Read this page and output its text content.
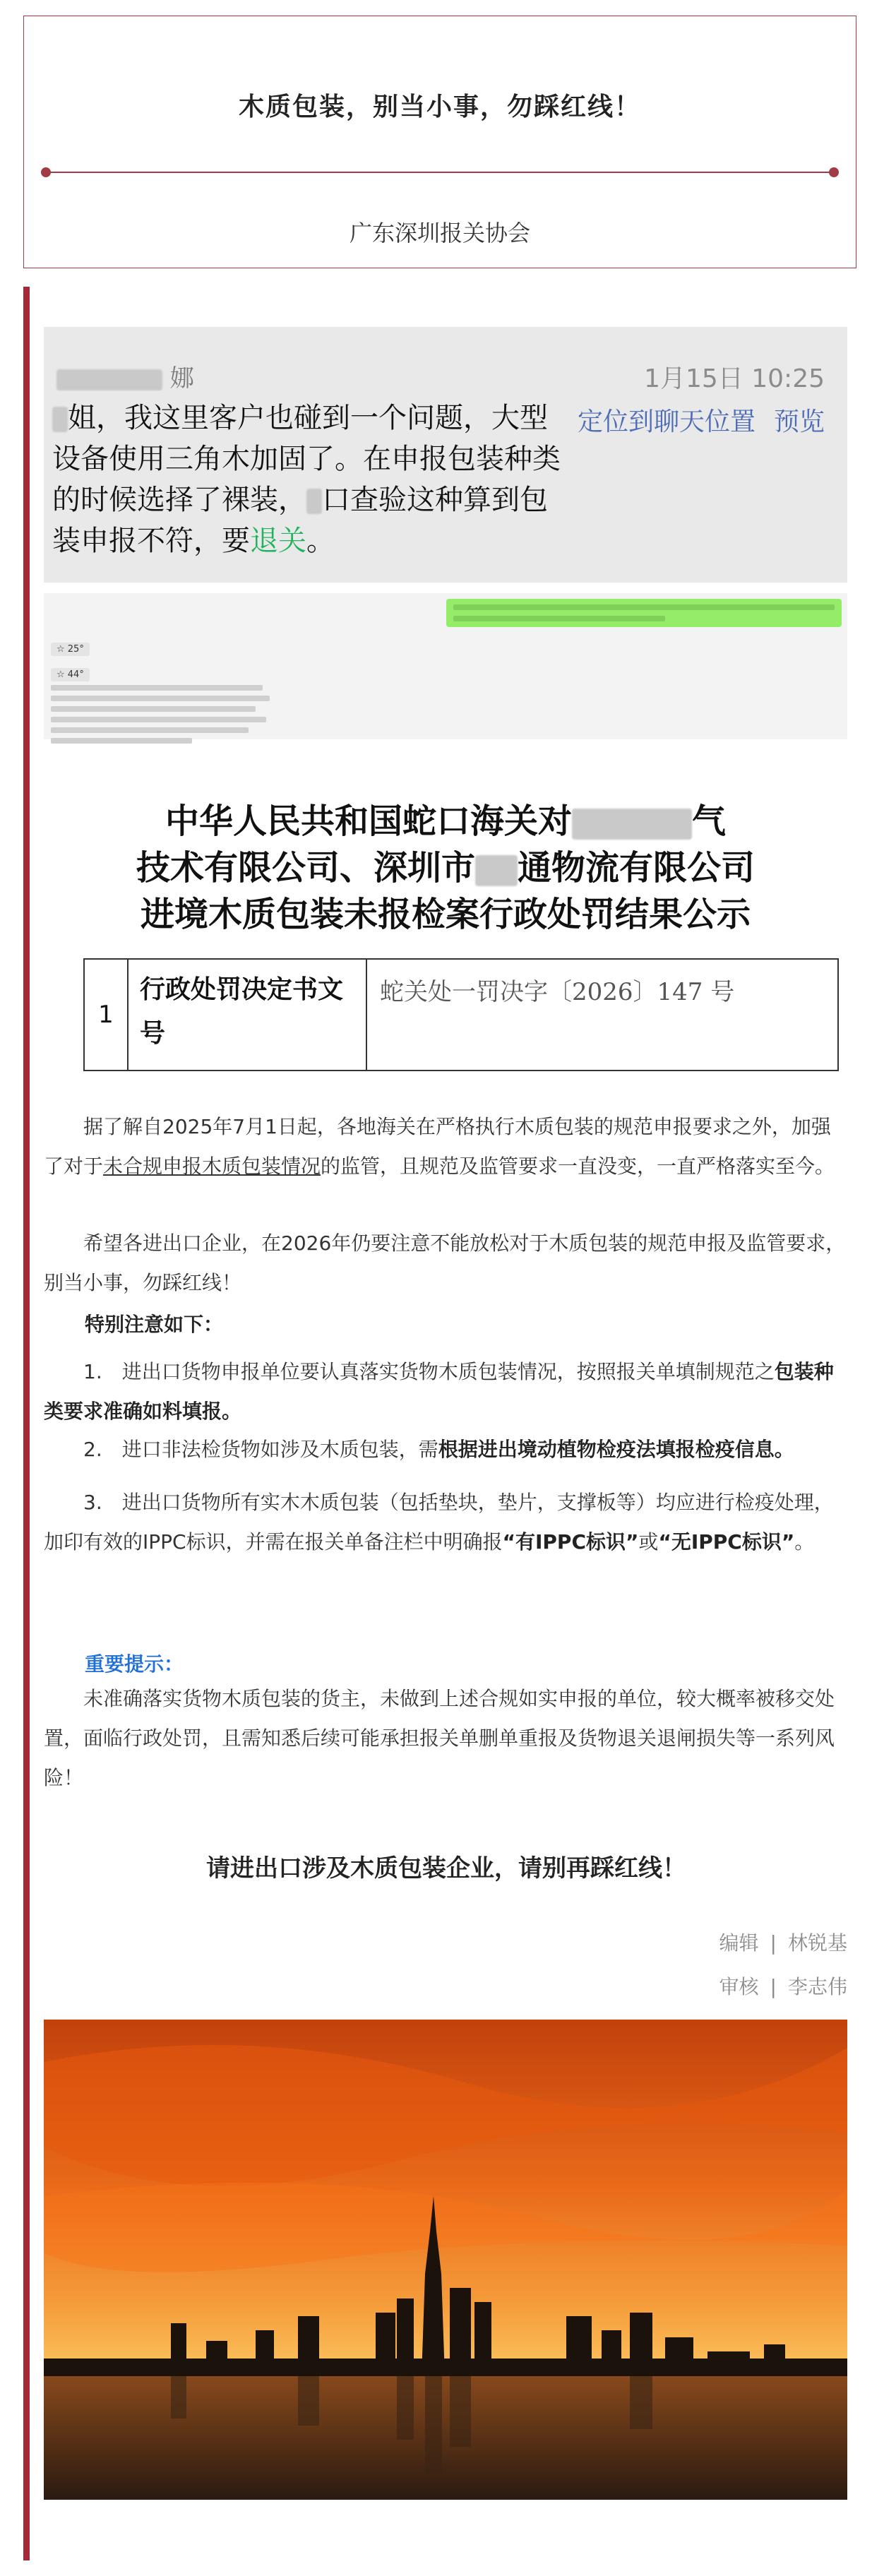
木质包装，别当小事，勿踩红线！
广东深圳报关协会
娜	1月15日 10:25
姐，我这里客户也碰到一个问题，大型设备使用三角木加固了。在申报包装种类的时候选择了裸装， 口查验这种算到包装申报不符，要退关。
定位到聊天位置 预览
☆ 25°
☆ 44°
中华人民共和国蛇口海关对	气
技术有限公司、深圳市 通物流有限公司
进境木质包装未报检案行政处罚结果公示
1
行政处罚决定书文号
蛇关处一罚决字〔2026〕147 号
据了解自2025年7月1日起，各地海关在严格执行木质包装的规范申报要求之外，加强了对于未合规申报木质包装情况的监管，且规范及监管要求一直没变，一直严格落实至今。
希望各进出口企业，在2026年仍要注意不能放松对于木质包装的规范申报及监管要求，别当小事，勿踩红线！
特别注意如下：
1.　进出口货物申报单位要认真落实货物木质包装情况，按照报关单填制规范之包装种类要求准确如料填报。
2.　进口非法检货物如涉及木质包装，需根据进出境动植物检疫法填报检疫信息。
3.　进出口货物所有实木木质包装（包括垫块，垫片，支撑板等）均应进行检疫处理，　加印有效的IPPC标识，并需在报关单备注栏中明确报“有IPPC标识”或“无IPPC标识”。
重要提示：
未准确落实货物木质包装的货主，未做到上述合规如实申报的单位，较大概率被移交处置，面临行政处罚，且需知悉后续可能承担报关单删单重报及货物退关退闸损失等一系列风险！
请进出口涉及木质包装企业，请别再踩红线！
编辑 | 林锐基
审核 | 李志伟
